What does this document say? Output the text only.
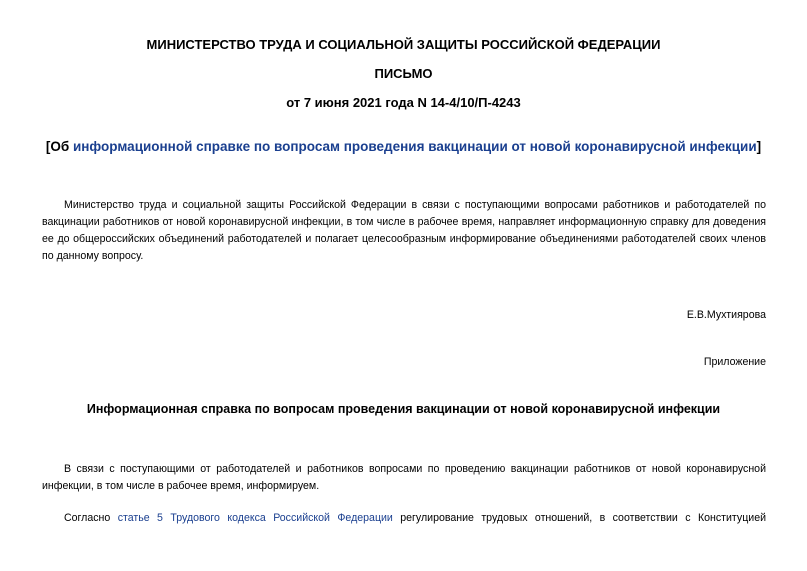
МИНИСТЕРСТВО ТРУДА И СОЦИАЛЬНОЙ ЗАЩИТЫ РОССИЙСКОЙ ФЕДЕРАЦИИ
ПИСЬМО
от 7 июня 2021 года N 14-4/10/П-4243
[Об информационной справке по вопросам проведения вакцинации от новой коронавирусной инфекции]
Министерство труда и социальной защиты Российской Федерации в связи с поступающими вопросами работников и работодателей по вакцинации работников от новой коронавирусной инфекции, в том числе в рабочее время, направляет информационную справку для доведения ее до общероссийских объединений работодателей и полагает целесообразным информирование объединениями работодателей своих членов по данному вопросу.
Е.В.Мухтиярова
Приложение
Информационная справка по вопросам проведения вакцинации от новой коронавирусной инфекции
В связи с поступающими от работодателей и работников вопросами по проведению вакцинации работников от новой коронавирусной инфекции, в том числе в рабочее время, информируем.
Согласно статье 5 Трудового кодекса Российской Федерации регулирование трудовых отношений, в соответствии с Конституцией
